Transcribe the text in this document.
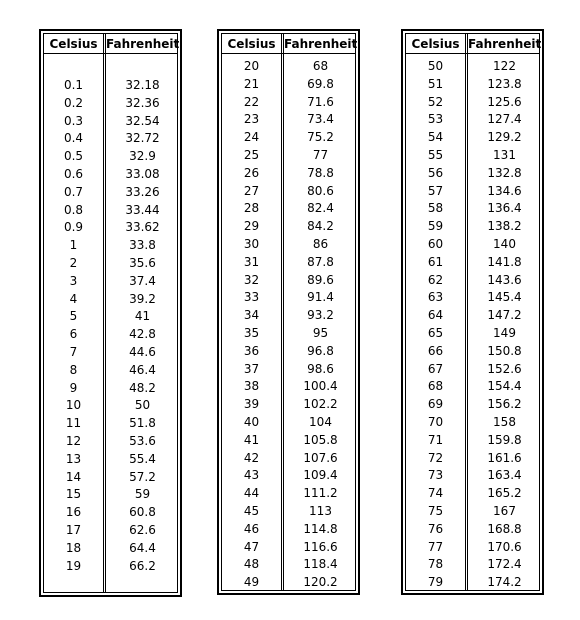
Celsius Fahrenheit
0.1	32.18
0.2	32.36
0.3	32.54
0.4	32.72
0.5	32.9
0.6	33.08
0.7	33.26
0.8	33.44
0.9	33.62
1	33.8
2	35.6
3	37.4
4	39.2
5	41
6	42.8
7	44.6
8	46.4
9	48.2
10	50
11	51.8
12	53.6
13	55.4
14	57.2
15	59
16	60.8
17	62.6
18	64.4
19	66.2
Celsius Fahrenheit
20	68
21	69.8
22	71.6
23	73.4
24	75.2
25	77
26	78.8
27	80.6
28	82.4
29	84.2
30	86
31	87.8
32	89.6
33	91.4
34	93.2
35	95
36	96.8
37	98.6
38	100.4
39	102.2
40	104
41	105.8
42	107.6
43	109.4
44	111.2
45	113
46	114.8
47	116.6
48	118.4
49	120.2
Celsius Fahrenheit
50	122
51	123.8
52	125.6
53	127.4
54	129.2
55	131
56	132.8
57	134.6
58	136.4
59	138.2
60	140
61	141.8
62	143.6
63	145.4
64	147.2
65	149
66	150.8
67	152.6
68	154.4
69	156.2
70	158
71	159.8
72	161.6
73	163.4
74	165.2
75	167
76	168.8
77	170.6
78	172.4
79	174.2
